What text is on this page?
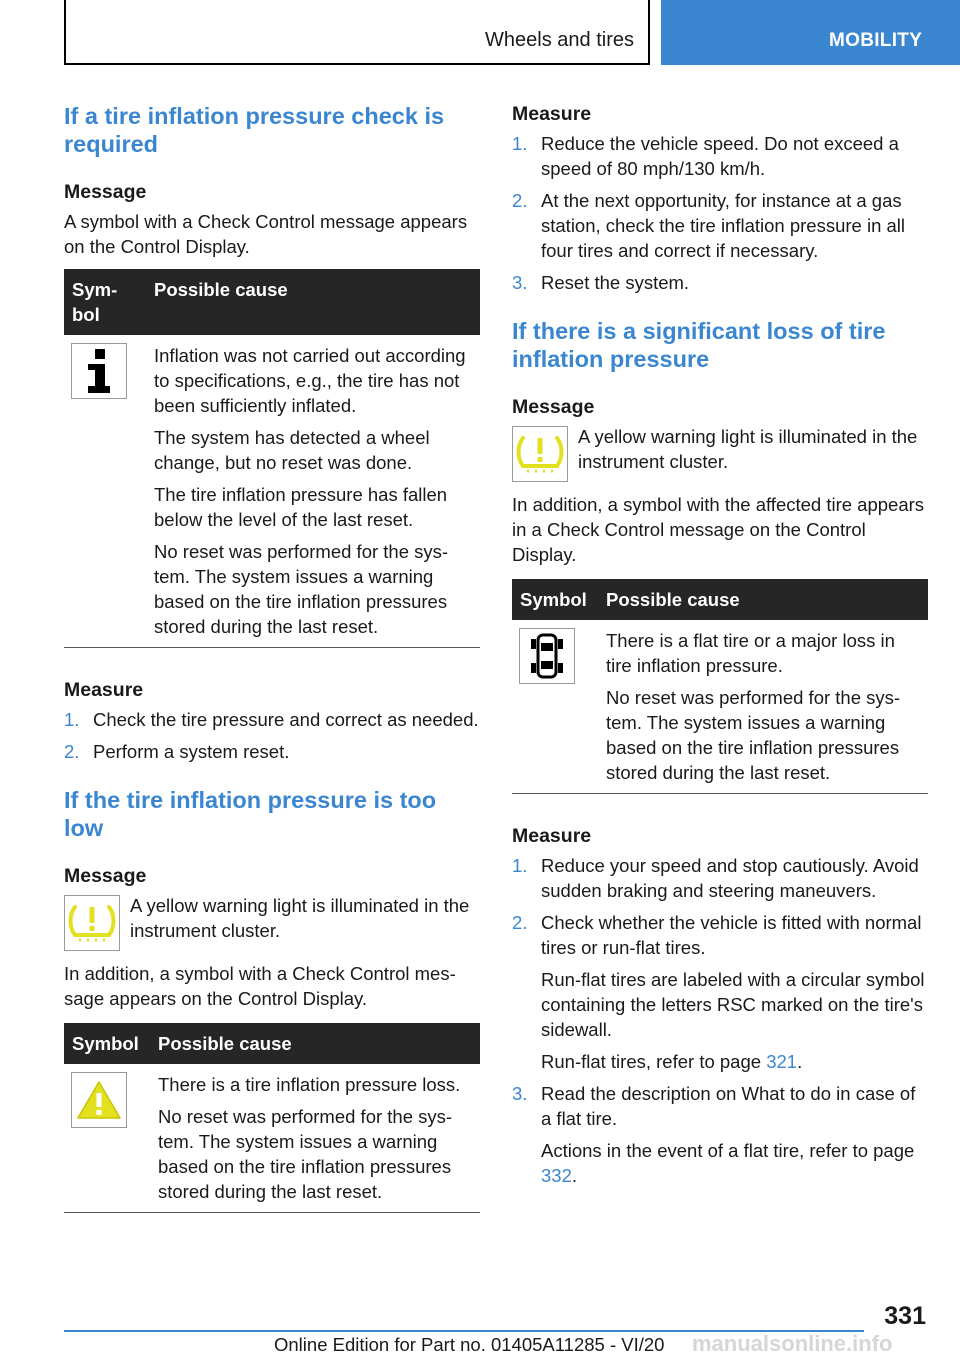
Wheels and tires	MOBILITY
If a tire inflation pressure check is required
Message

A symbol with a Check Control message appears on the Control Display.

Symbol	Possible cause

Inflation was not carried out according to specifications, e.g., the tire has not been sufficiently inflated.

The system has detected a wheel change, but no reset was done.

The tire inflation pressure has fallen below the level of the last reset.

No reset was performed for the system. The system issues a warning based on the tire inflation pressures stored during the last reset.

Measure
1. Check the tire pressure and correct as needed.
2. Perform a system reset.
If the tire inflation pressure is too low
Message

A yellow warning light is illuminated in the instrument cluster.

In addition, a symbol with a Check Control message appears on the Control Display.

Symbol	Possible cause

There is a tire inflation pressure loss.

No reset was performed for the system. The system issues a warning based on the tire inflation pressures stored during the last reset.

Measure
1. Reduce the vehicle speed. Do not exceed a speed of 80 mph/130 km/h.
2. At the next opportunity, for instance at a gas station, check the tire inflation pressure in all four tires and correct if necessary.
3. Reset the system.
If there is a significant loss of tire inflation pressure
Message

A yellow warning light is illuminated in the instrument cluster.

In addition, a symbol with the affected tire appears in a Check Control message on the Control Display.

Symbol	Possible cause

There is a flat tire or a major loss in tire inflation pressure.

No reset was performed for the system. The system issues a warning based on the tire inflation pressures stored during the last reset.

Measure
1. Reduce your speed and stop cautiously. Avoid sudden braking and steering maneuvers.

2. Check whether the vehicle is fitted with normal tires or run-flat tires.

Run-flat tires are labeled with a circular symbol containing the letters RSC marked on the tire's sidewall.

Run-flat tires, refer to page 321.

3. Read the description on What to do in case of a flat tire.

Actions in the event of a flat tire, refer to page 332.

331
Online Edition for Part no. 01405A11285 - VI/20 manualsonline.info
